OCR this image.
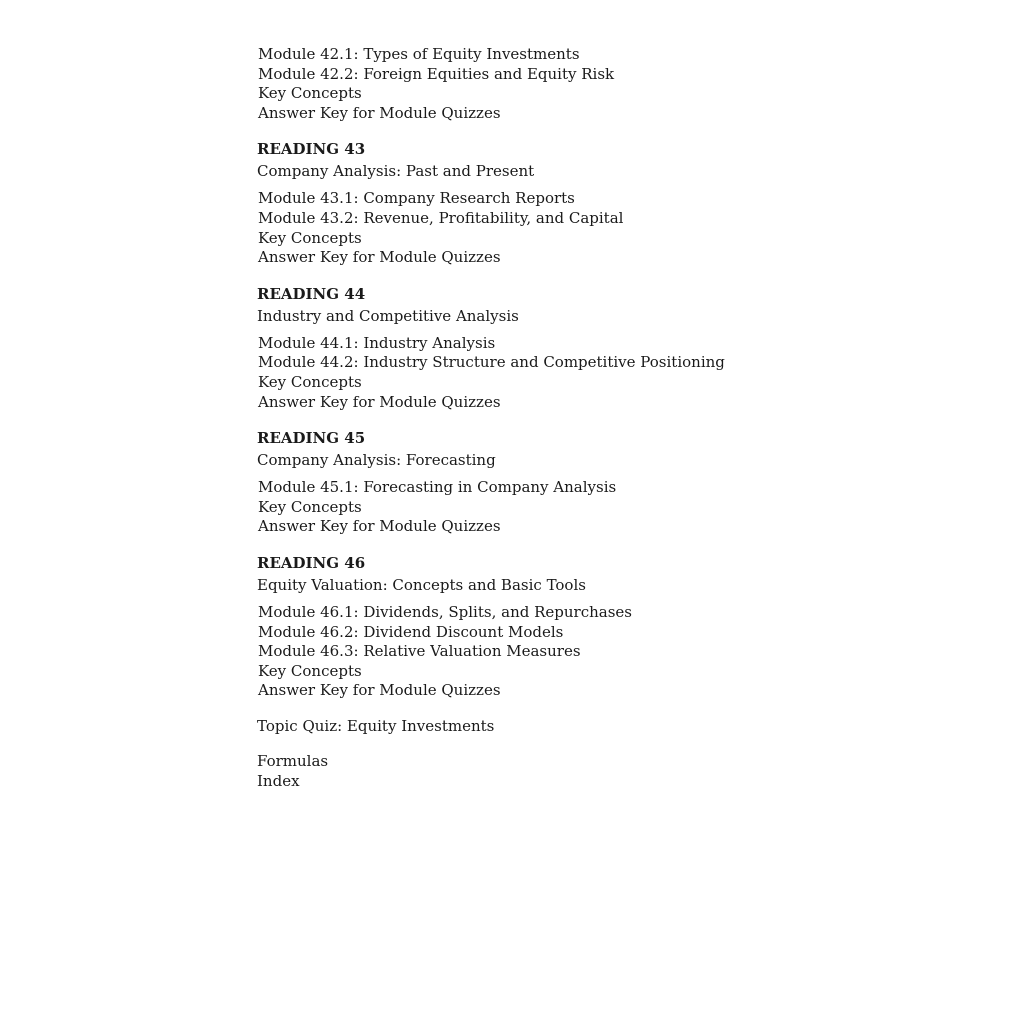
Module 42.1: Types of Equity Investments
Module 42.2: Foreign Equities and Equity Risk
Key Concepts
Answer Key for Module Quizzes
READING 43
Company Analysis: Past and Present
Module 43.1: Company Research Reports
Module 43.2: Revenue, Profitability, and Capital
Key Concepts
Answer Key for Module Quizzes
READING 44
Industry and Competitive Analysis
Module 44.1: Industry Analysis
Module 44.2: Industry Structure and Competitive Positioning
Key Concepts
Answer Key for Module Quizzes
READING 45
Company Analysis: Forecasting
Module 45.1: Forecasting in Company Analysis
Key Concepts
Answer Key for Module Quizzes
READING 46
Equity Valuation: Concepts and Basic Tools
Module 46.1: Dividends, Splits, and Repurchases
Module 46.2: Dividend Discount Models
Module 46.3: Relative Valuation Measures
Key Concepts
Answer Key for Module Quizzes
Topic Quiz: Equity Investments
Formulas
Index
